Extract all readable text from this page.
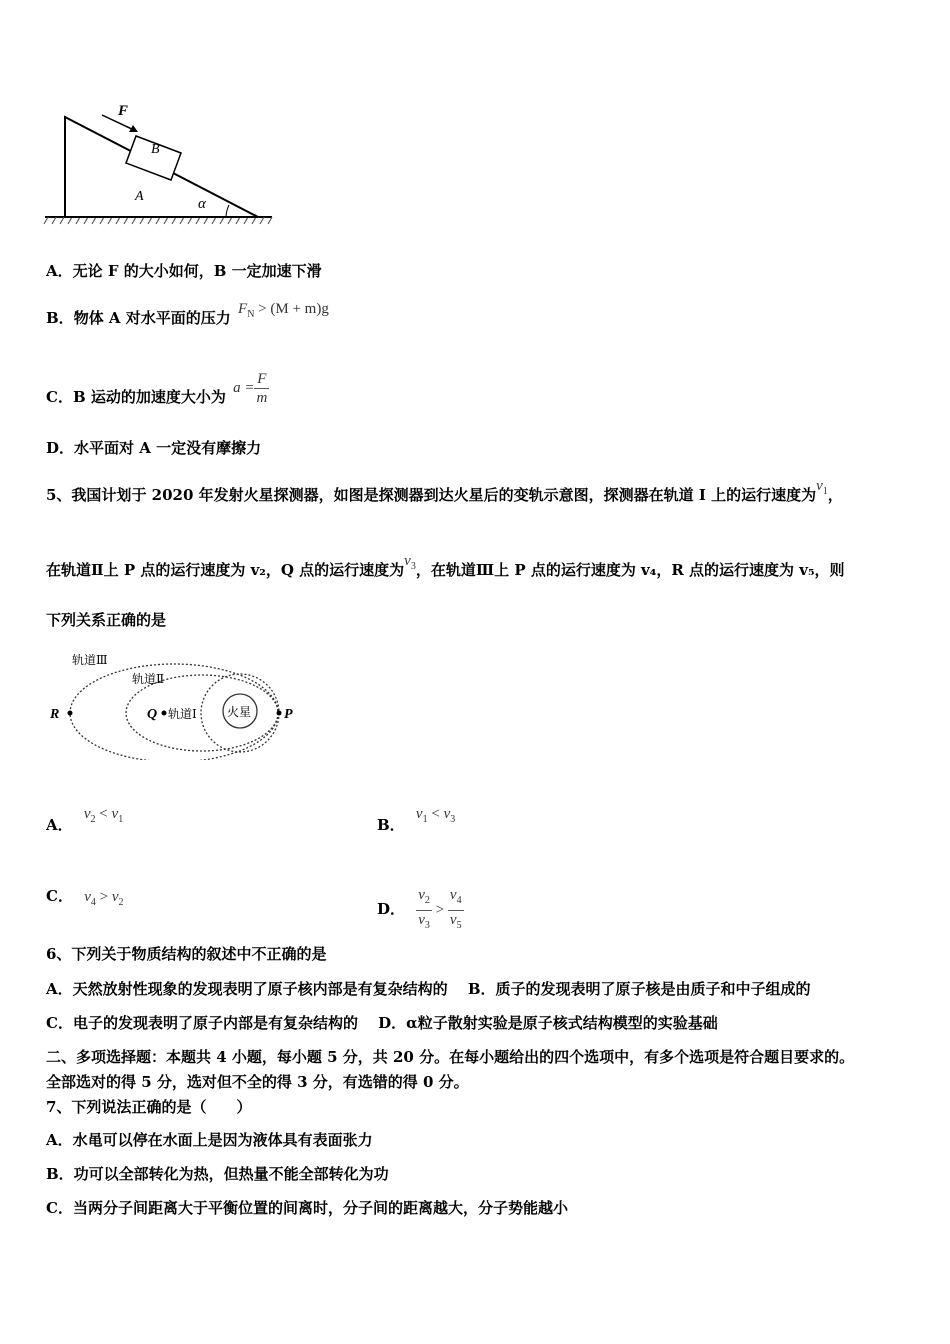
B
F
A	α
A．无论 F 的大小如何，B 一定加速下滑
B．物体 A 对水平面的压力 $F_N > (M + m)g$
C．B 运动的加速度大小为 $a = \frac{F}{m}$
D．水平面对 A 一定没有摩擦力
5、我国计划于 2020 年发射火星探测器，如图是探测器到达火星后的变轨示意图，探测器在轨道 I 上的运行速度为$v_1$，
在轨道Ⅱ上 P 点的运行速度为 v₂，Q 点的运行速度为$v_3$，在轨道Ⅲ上 P 点的运行速度为 v₄，R 点的运行速度为 v₅，则
下列关系正确的是
火星
R	Q	P
轨道Ⅲ
轨道Ⅱ
轨道Ⅰ
A． $v_2 < v_1$	B． $v_1 < v_3$
C． $v_4 > v_2$	D． $\frac{v_2}{v_3} > \frac{v_4}{v_5}$
6、下列关于物质结构的叙述中不正确的是
A．天然放射性现象的发现表明了原子核内部是有复杂结构的　 B．质子的发现表明了原子核是由质子和中子组成的
C．电子的发现表明了原子内部是有复杂结构的　 D．α粒子散射实验是原子核式结构模型的实验基础
二、多项选择题：本题共 4 小题，每小题 5 分，共 20 分。在每小题给出的四个选项中，有多个选项是符合题目要求的。
全部选对的得 5 分，选对但不全的得 3 分，有选错的得 0 分。
7、下列说法正确的是（　　）
A．水黾可以停在水面上是因为液体具有表面张力
B．功可以全部转化为热，但热量不能全部转化为功
C．当两分子间距离大于平衡位置的间离时，分子间的距离越大，分子势能越小
